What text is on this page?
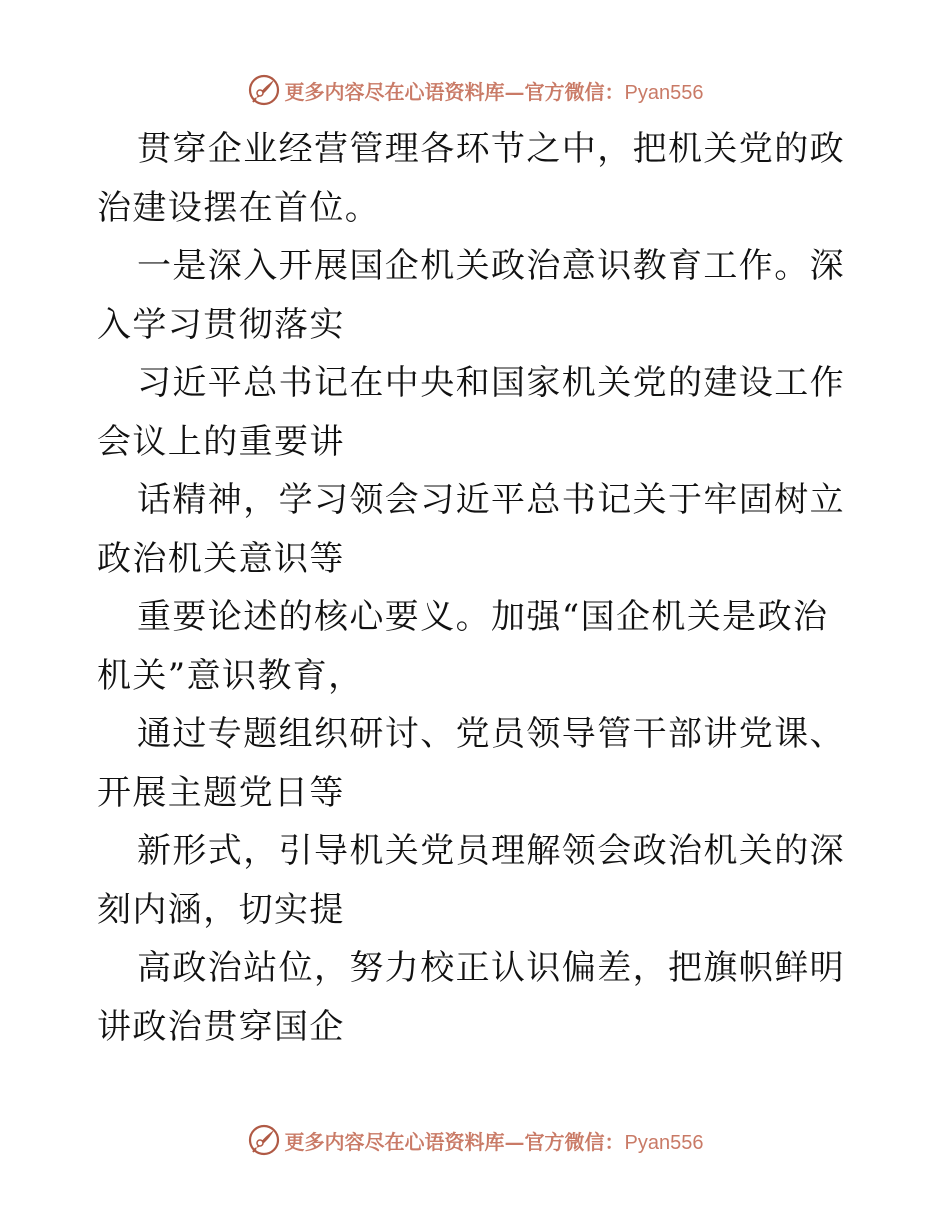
更多内容尽在心语资料库—官方微信：Pyan556

贯穿企业经营管理各环节之中，把机关党的政治建设摆在首位。

一是深入开展国企机关政治意识教育工作。深入学习贯彻落实

习近平总书记在中央和国家机关党的建设工作会议上的重要讲

话精神，学习领会习近平总书记关于牢固树立政治机关意识等

重要论述的核心要义。加强“国企机关是政治机关”意识教育，

通过专题组织研讨、党员领导管干部讲党课、开展主题党日等

新形式，引导机关党员理解领会政治机关的深刻内涵，切实提

高政治站位，努力校正认识偏差，把旗帜鲜明讲政治贯穿国企

更多内容尽在心语资料库—官方微信：Pyan556
